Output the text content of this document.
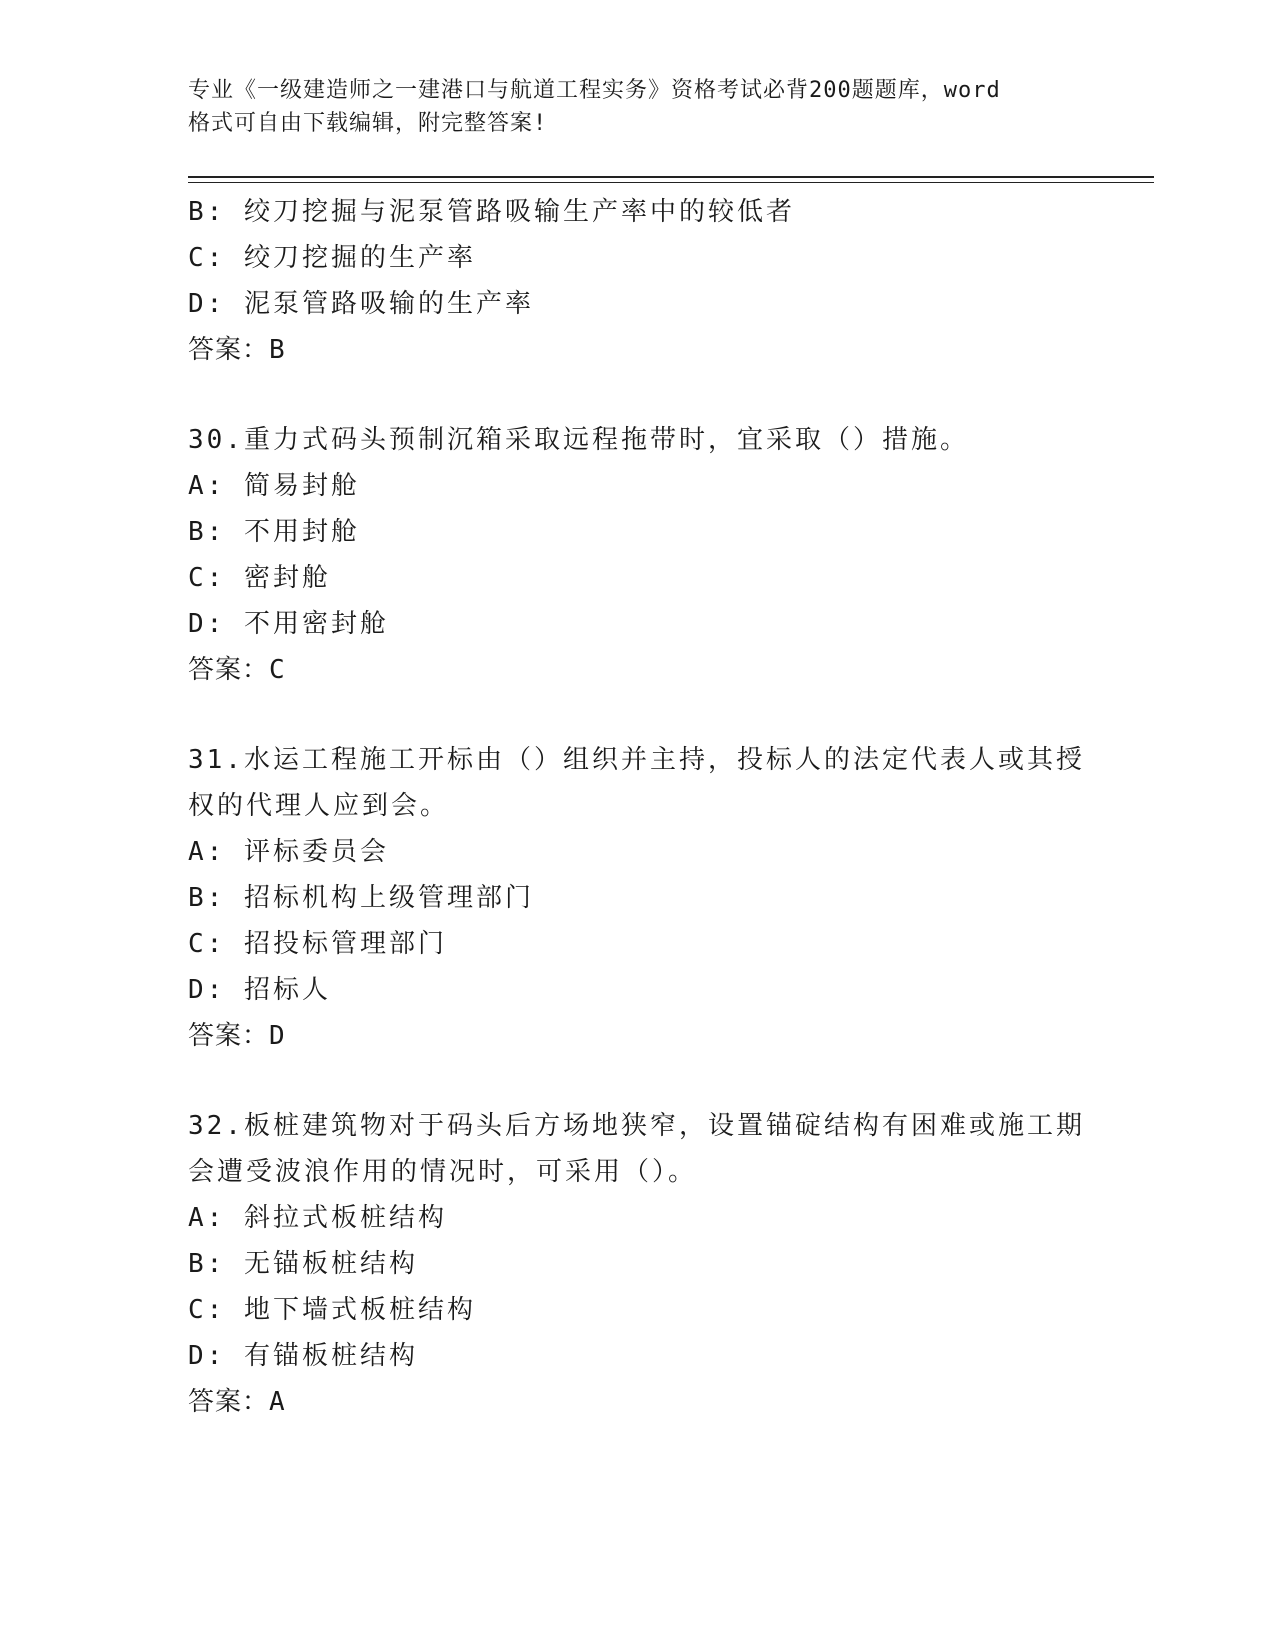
专业《一级建造师之一建港口与航道工程实务》资格考试必背200题题库，word
格式可自由下载编辑，附完整答案!
B: 绞刀挖掘与泥泵管路吸输生产率中的较低者
C: 绞刀挖掘的生产率
D: 泥泵管路吸输的生产率
答案：B
30.重力式码头预制沉箱采取远程拖带时，宜采取（）措施。
A: 简易封舱
B: 不用封舱
C: 密封舱
D: 不用密封舱
答案：C
31.水运工程施工开标由（）组织并主持，投标人的法定代表人或其授
权的代理人应到会。
A: 评标委员会
B: 招标机构上级管理部门
C: 招投标管理部门
D: 招标人
答案：D
32.板桩建筑物对于码头后方场地狭窄，设置锚碇结构有困难或施工期
会遭受波浪作用的情况时，可采用（）。
A: 斜拉式板桩结构
B: 无锚板桩结构
C: 地下墙式板桩结构
D: 有锚板桩结构
答案：A
